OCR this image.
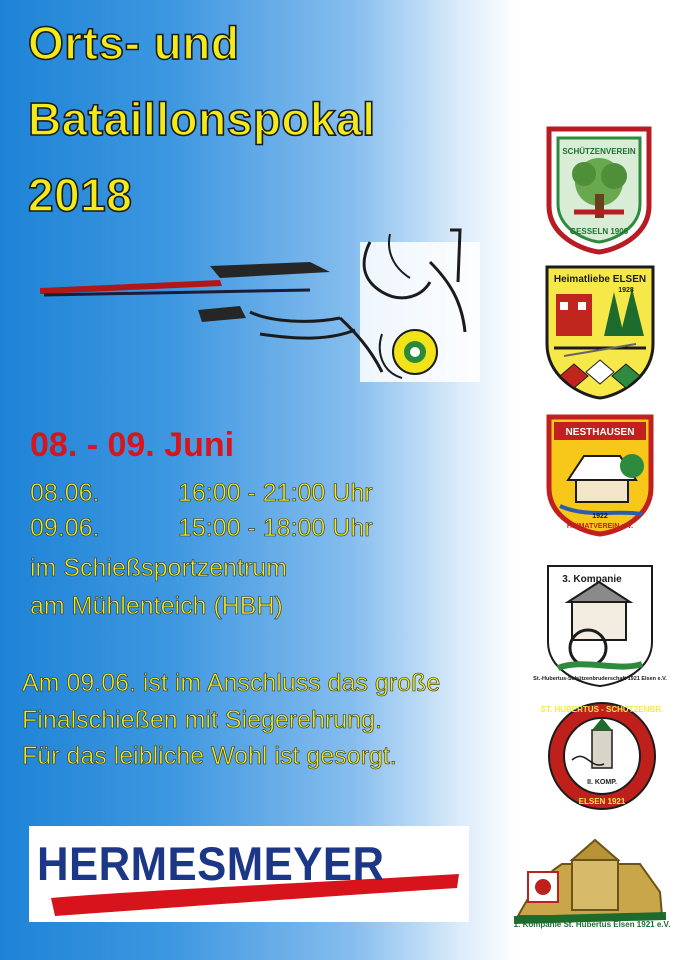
Orts- und
Bataillonspokal
2018
08. - 09. Juni
08.06.	16:00 - 21:00 Uhr
09.06.	15:00 - 18:00 Uhr
im Schießsportzentrum
am Mühlenteich (HBH)
Am 09.06. ist im Anschluss das große
Finalschießen mit Siegerehrung.
Für das leibliche Wohl ist gesorgt.
HERMESMEYER
SCHÜTZENVEREIN
GESSELN 1906
Heimatliebe ELSEN
1928
NESTHAUSEN
1922
HEIMATVEREIN e.V.
3. Kompanie
St.-Hubertus-Schützenbruderschaft 1921 Elsen e.V.
ST. HUBERTUS - SCHÜTZENBR.
II. KOMP.
ELSEN 1921
1. Kompanie St. Hubertus Elsen 1921 e.V.
